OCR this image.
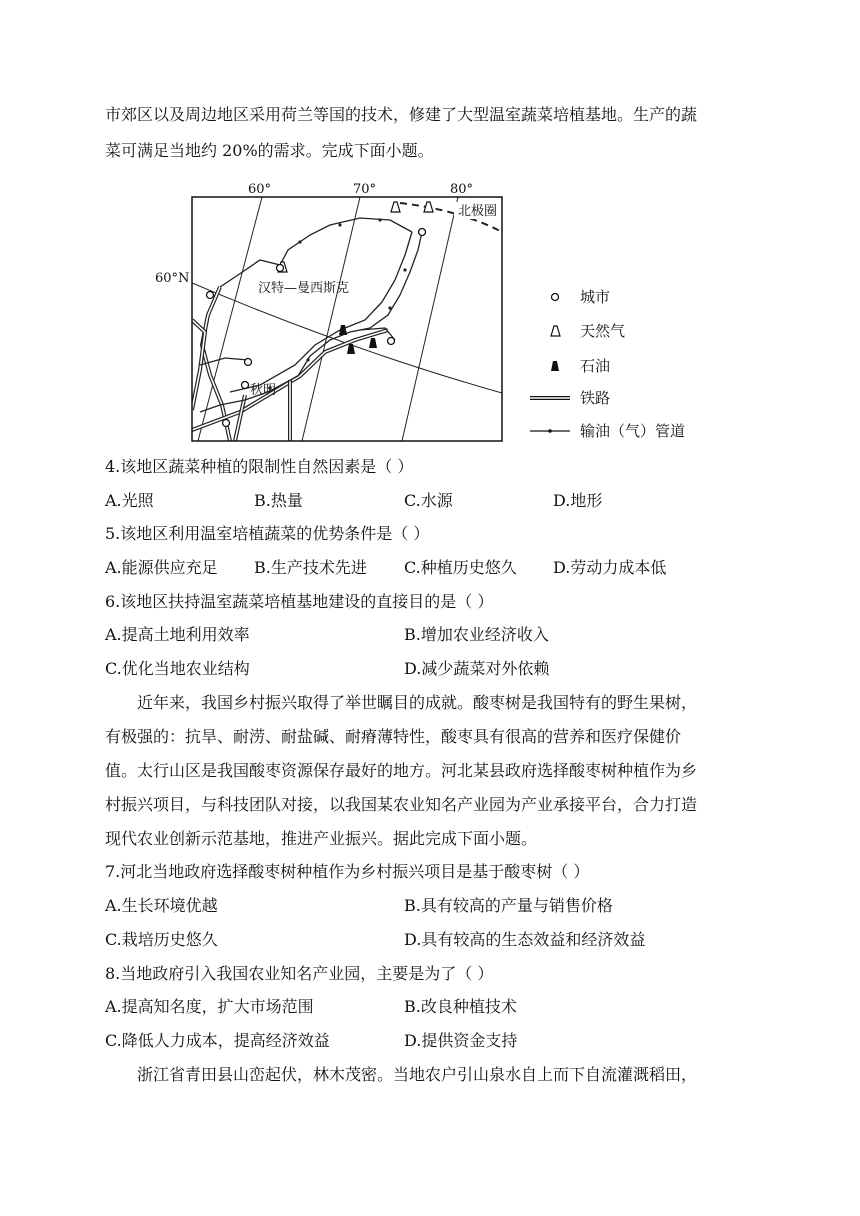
市郊区以及周边地区采用荷兰等国的技术，修建了大型温室蔬菜培植基地。生产的蔬
菜可满足当地约 20%的需求。完成下面小题。
60°	70°	80°
60°N
北极圈
汉特—曼西斯克
秋明
城市
天然气
石油
铁路
输油（气）管道
4.该地区蔬菜种植的限制性自然因素是（ ）
A.光照	B.热量	C.水源	D.地形
5.该地区利用温室培植蔬菜的优势条件是（ ）
A.能源供应充足 B.生产技术先进 C.种植历史悠久 D.劳动力成本低
6.该地区扶持温室蔬菜培植基地建设的直接目的是（ ）
A.提高土地利用效率	B.增加农业经济收入
C.优化当地农业结构	D.减少蔬菜对外依赖
近年来，我国乡村振兴取得了举世瞩目的成就。酸枣树是我国特有的野生果树，
有极强的：抗旱、耐涝、耐盐碱、耐瘠薄特性，酸枣具有很高的营养和医疗保健价
值。太行山区是我国酸枣资源保存最好的地方。河北某县政府选择酸枣树种植作为乡
村振兴项目，与科技团队对接，以我国某农业知名产业园为产业承接平台，合力打造
现代农业创新示范基地，推进产业振兴。据此完成下面小题。
7.河北当地政府选择酸枣树种植作为乡村振兴项目是基于酸枣树（ ）
A.生长环境优越	B.具有较高的产量与销售价格
C.栽培历史悠久	D.具有较高的生态效益和经济效益
8.当地政府引入我国农业知名产业园，主要是为了（ ）
A.提高知名度，扩大市场范围	B.改良种植技术
C.降低人力成本，提高经济效益	D.提供资金支持
浙江省青田县山峦起伏，林木茂密。当地农户引山泉水自上而下自流灌溉稻田，
